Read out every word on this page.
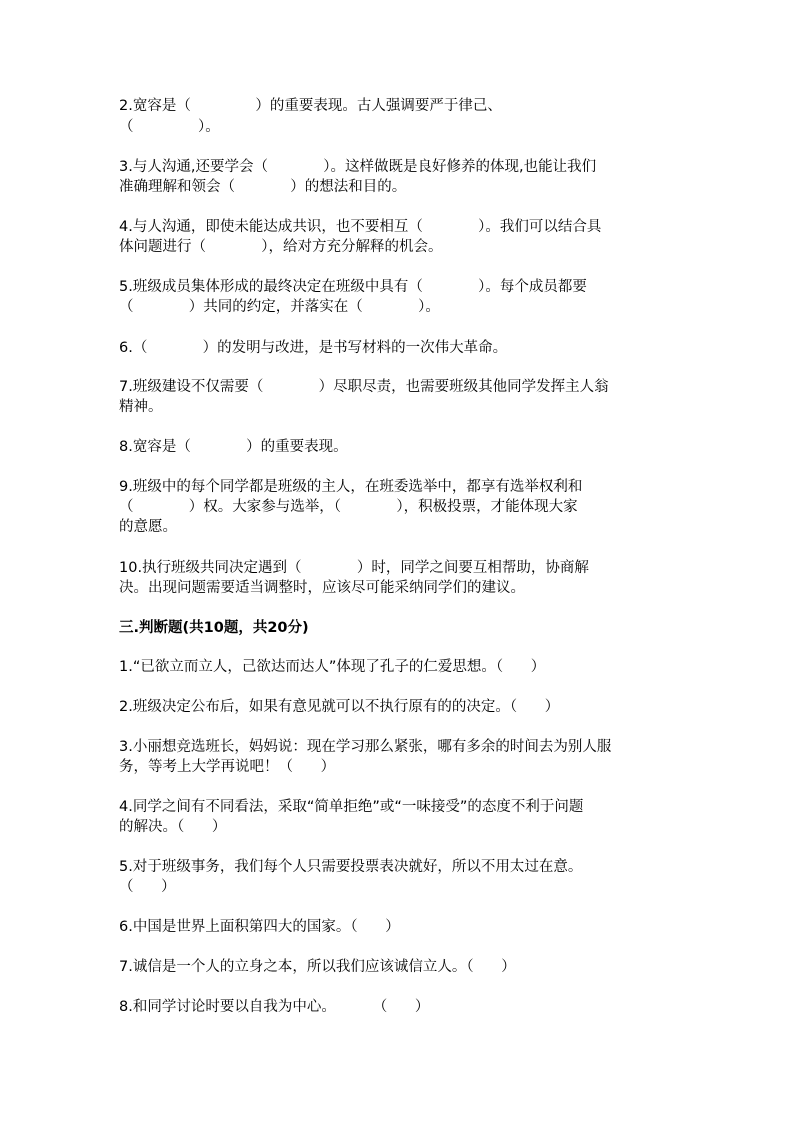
2.宽容是（              ）的重要表现。古人强调要严于律己、
（              ）。
3.与人沟通,还要学会（            ）。这样做既是良好修养的体现,也能让我们
准确理解和领会（            ）的想法和目的。
4.与人沟通，即使未能达成共识，也不要相互（            ）。我们可以结合具
体问题进行（            ），给对方充分解释的机会。
5.班级成员集体形成的最终决定在班级中具有（            ）。每个成员都要
（            ）共同的约定，并落实在（            ）。
6.（            ）的发明与改进，是书写材料的一次伟大革命。
7.班级建设不仅需要（            ）尽职尽责，也需要班级其他同学发挥主人翁
精神。
8.宽容是（            ）的重要表现。
9.班级中的每个同学都是班级的主人，在班委选举中，都享有选举权利和
（            ）权。大家参与选举，（            ），积极投票，才能体现大家
的意愿。
10.执行班级共同决定遇到（            ）时，同学之间要互相帮助，协商解
决。出现问题需要适当调整时，应该尽可能采纳同学们的建议。
三.判断题(共10题，共20分)
1.“已欲立而立人，己欲达而达人”体现了孔子的仁爱思想。（      ）
2.班级决定公布后，如果有意见就可以不执行原有的的决定。（      ）
3.小丽想竞选班长，妈妈说：现在学习那么紧张，哪有多余的时间去为别人服
务，等考上大学再说吧！（      ）
4.同学之间有不同看法，采取“简单拒绝”或“一味接受”的态度不利于问题
的解决。（      ）
5.对于班级事务，我们每个人只需要投票表决就好，所以不用太过在意。
（      ）
6.中国是世界上面积第四大的国家。（      ）
7.诚信是一个人的立身之本，所以我们应该诚信立人。（      ）
8.和同学讨论时要以自我为中心。        （      ）
